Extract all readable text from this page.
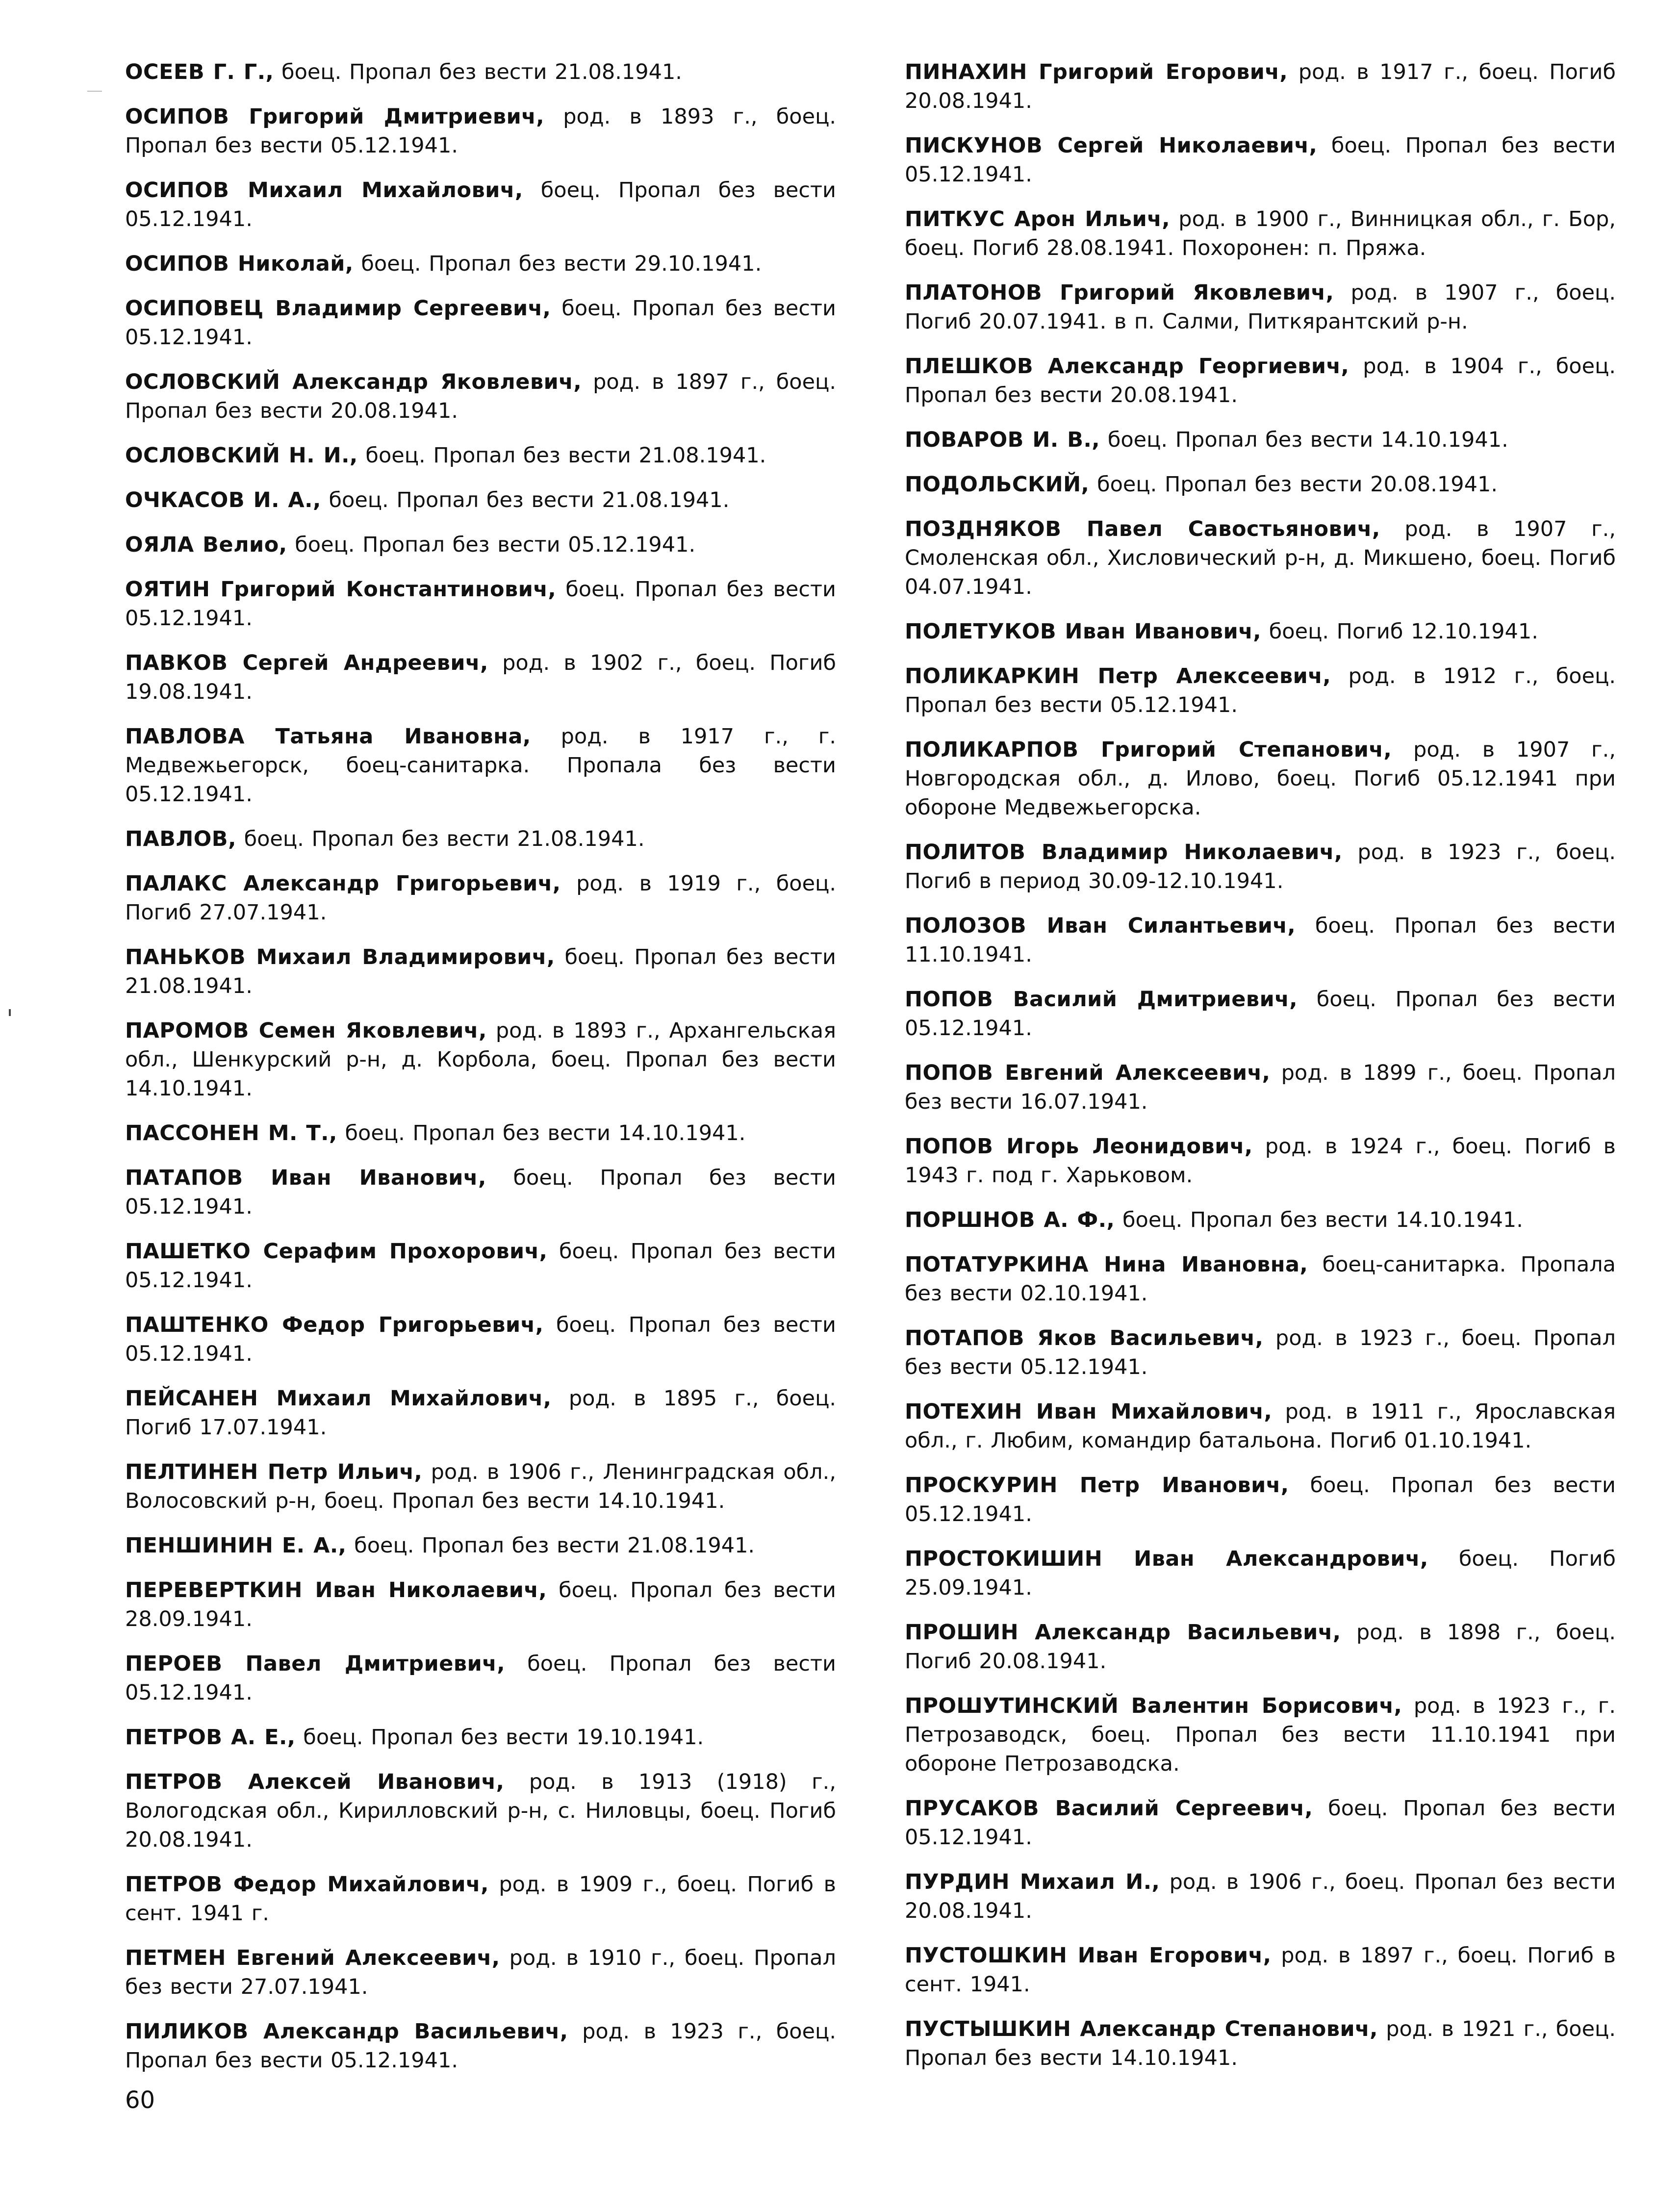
ОСЕЕВ Г. Г., боец. Пропал без вести 21.08.1941.

ОСИПОВ Григорий Дмитриевич, род. в 1893 г., боец. Пропал без вести 05.12.1941.

ОСИПОВ Михаил Михайлович, боец. Пропал без вести 05.12.1941.

ОСИПОВ Николай, боец. Пропал без вести 29.10.1941.

ОСИПОВЕЦ Владимир Сергеевич, боец. Пропал без вести 05.12.1941.

ОСЛОВСКИЙ Александр Яковлевич, род. в 1897 г., боец. Пропал без вести 20.08.1941.

ОСЛОВСКИЙ Н. И., боец. Пропал без вести 21.08.1941.

ОЧКАСОВ И. А., боец. Пропал без вести 21.08.1941.

ОЯЛА Велио, боец. Пропал без вести 05.12.1941.

ОЯТИН Григорий Константинович, боец. Пропал без вести 05.12.1941.

ПАВКОВ Сергей Андреевич, род. в 1902 г., боец. Погиб 19.08.1941.

ПАВЛОВА Татьяна Ивановна, род. в 1917 г., г. Медвежьегорск, боец-санитарка. Пропала без вести 05.12.1941.

ПАВЛОВ, боец. Пропал без вести 21.08.1941.

ПАЛАКС Александр Григорьевич, род. в 1919 г., боец. Погиб 27.07.1941.

ПАНЬКОВ Михаил Владимирович, боец. Пропал без вести 21.08.1941.

ПАРОМОВ Семен Яковлевич, род. в 1893 г., Архангельская обл., Шенкурский р-н, д. Корбола, боец. Пропал без вести 14.10.1941.

ПАССОНЕН М. Т., боец. Пропал без вести 14.10.1941.

ПАТАПОВ Иван Иванович, боец. Пропал без вести 05.12.1941.

ПАШЕТКО Серафим Прохорович, боец. Пропал без вести 05.12.1941.

ПАШТЕНКО Федор Григорьевич, боец. Пропал без вести 05.12.1941.

ПЕЙСАНЕН Михаил Михайлович, род. в 1895 г., боец. Погиб 17.07.1941.

ПЕЛТИНЕН Петр Ильич, род. в 1906 г., Ленинградская обл., Волосовский р-н, боец. Пропал без вести 14.10.1941.

ПЕНШИНИН Е. А., боец. Пропал без вести 21.08.1941.

ПЕРЕВЕРТКИН Иван Николаевич, боец. Пропал без вести 28.09.1941.

ПЕРОЕВ Павел Дмитриевич, боец. Пропал без вести 05.12.1941.

ПЕТРОВ А. Е., боец. Пропал без вести 19.10.1941.

ПЕТРОВ Алексей Иванович, род. в 1913 (1918) г., Вологодская обл., Кирилловский р-н, с. Ниловцы, боец. Погиб 20.08.1941.

ПЕТРОВ Федор Михайлович, род. в 1909 г., боец. Погиб в сент. 1941 г.

ПЕТМЕН Евгений Алексеевич, род. в 1910 г., боец. Пропал без вести 27.07.1941.

ПИЛИКОВ Александр Васильевич, род. в 1923 г., боец. Пропал без вести 05.12.1941.

ПИНАХИН Григорий Егорович, род. в 1917 г., боец. Погиб 20.08.1941.

ПИСКУНОВ Сергей Николаевич, боец. Пропал без вести 05.12.1941.

ПИТКУС Арон Ильич, род. в 1900 г., Винницкая обл., г. Бор, боец. Погиб 28.08.1941. Похоронен: п. Пряжа.

ПЛАТОНОВ Григорий Яковлевич, род. в 1907 г., боец. Погиб 20.07.1941. в п. Салми, Питкярантский р-н.

ПЛЕШКОВ Александр Георгиевич, род. в 1904 г., боец. Пропал без вести 20.08.1941.

ПОВАРОВ И. В., боец. Пропал без вести 14.10.1941.

ПОДОЛЬСКИЙ, боец. Пропал без вести 20.08.1941.

ПОЗДНЯКОВ Павел Савостьянович, род. в 1907 г., Смоленская обл., Хисловический р-н, д. Микшено, боец. Погиб 04.07.1941.

ПОЛЕТУКОВ Иван Иванович, боец. Погиб 12.10.1941.

ПОЛИКАРКИН Петр Алексеевич, род. в 1912 г., боец. Пропал без вести 05.12.1941.

ПОЛИКАРПОВ Григорий Степанович, род. в 1907 г., Новгородская обл., д. Илово, боец. Погиб 05.12.1941 при обороне Медвежьегорска.

ПОЛИТОВ Владимир Николаевич, род. в 1923 г., боец. Погиб в период 30.09-12.10.1941.

ПОЛОЗОВ Иван Силантьевич, боец. Пропал без вести 11.10.1941.

ПОПОВ Василий Дмитриевич, боец. Пропал без вести 05.12.1941.

ПОПОВ Евгений Алексеевич, род. в 1899 г., боец. Пропал без вести 16.07.1941.

ПОПОВ Игорь Леонидович, род. в 1924 г., боец. Погиб в 1943 г. под г. Харьковом.

ПОРШНОВ А. Ф., боец. Пропал без вести 14.10.1941.

ПОТАТУРКИНА Нина Ивановна, боец-санитарка. Пропала без вести 02.10.1941.

ПОТАПОВ Яков Васильевич, род. в 1923 г., боец. Пропал без вести 05.12.1941.

ПОТЕХИН Иван Михайлович, род. в 1911 г., Ярославская обл., г. Любим, командир батальона. Погиб 01.10.1941.

ПРОСКУРИН Петр Иванович, боец. Пропал без вести 05.12.1941.

ПРОСТОКИШИН Иван Александрович, боец. Погиб 25.09.1941.

ПРОШИН Александр Васильевич, род. в 1898 г., боец. Погиб 20.08.1941.

ПРОШУТИНСКИЙ Валентин Борисович, род. в 1923 г., г. Петрозаводск, боец. Пропал без вести 11.10.1941 при обороне Петрозаводска.

ПРУСАКОВ Василий Сергеевич, боец. Пропал без вести 05.12.1941.

ПУРДИН Михаил И., род. в 1906 г., боец. Пропал без вести 20.08.1941.

ПУСТОШКИН Иван Егорович, род. в 1897 г., боец. Погиб в сент. 1941.

ПУСТЫШКИН Александр Степанович, род. в 1921 г., боец. Пропал без вести 14.10.1941.

60
